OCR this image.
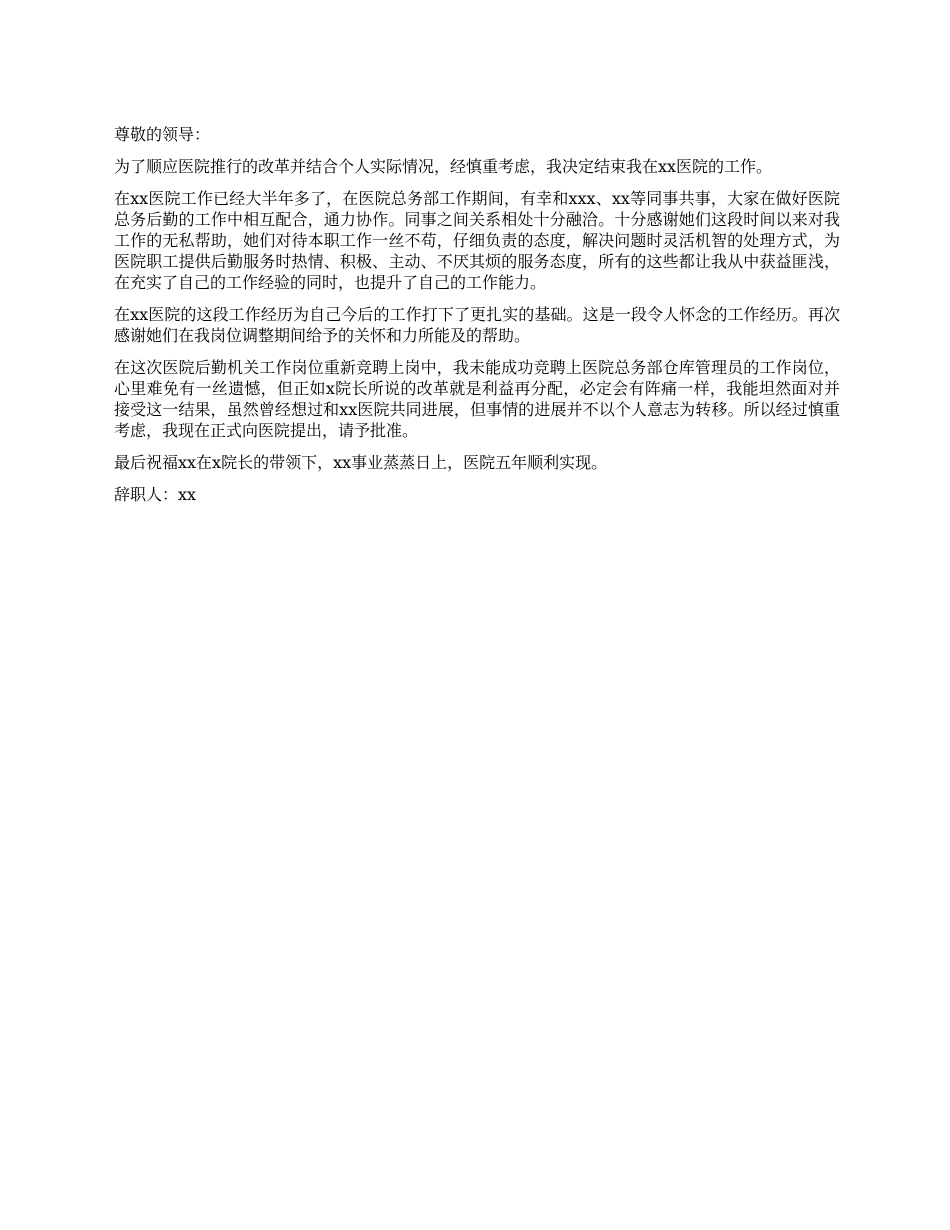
尊敬的领导：

为了顺应医院推行的改革并结合个人实际情况，经慎重考虑，我决定结束我在xx医院的工作。

在xx医院工作已经大半年多了，在医院总务部工作期间，有幸和xxx、xx等同事共事，大家在做好医院总务后勤的工作中相互配合，通力协作。同事之间关系相处十分融洽。十分感谢她们这段时间以来对我工作的无私帮助，她们对待本职工作一丝不苟，仔细负责的态度，解决问题时灵活机智的处理方式，为医院职工提供后勤服务时热情、积极、主动、不厌其烦的服务态度，所有的这些都让我从中获益匪浅，在充实了自己的工作经验的同时，也提升了自己的工作能力。

在xx医院的这段工作经历为自己今后的工作打下了更扎实的基础。这是一段令人怀念的工作经历。再次感谢她们在我岗位调整期间给予的关怀和力所能及的帮助。

在这次医院后勤机关工作岗位重新竞聘上岗中，我未能成功竞聘上医院总务部仓库管理员的工作岗位，心里难免有一丝遗憾，但正如x院长所说的改革就是利益再分配，必定会有阵痛一样，我能坦然面对并接受这一结果，虽然曾经想过和xx医院共同进展，但事情的进展并不以个人意志为转移。所以经过慎重考虑，我现在正式向医院提出，请予批准。

最后祝福xx在x院长的带领下，xx事业蒸蒸日上，医院五年顺利实现。

辞职人：xx
